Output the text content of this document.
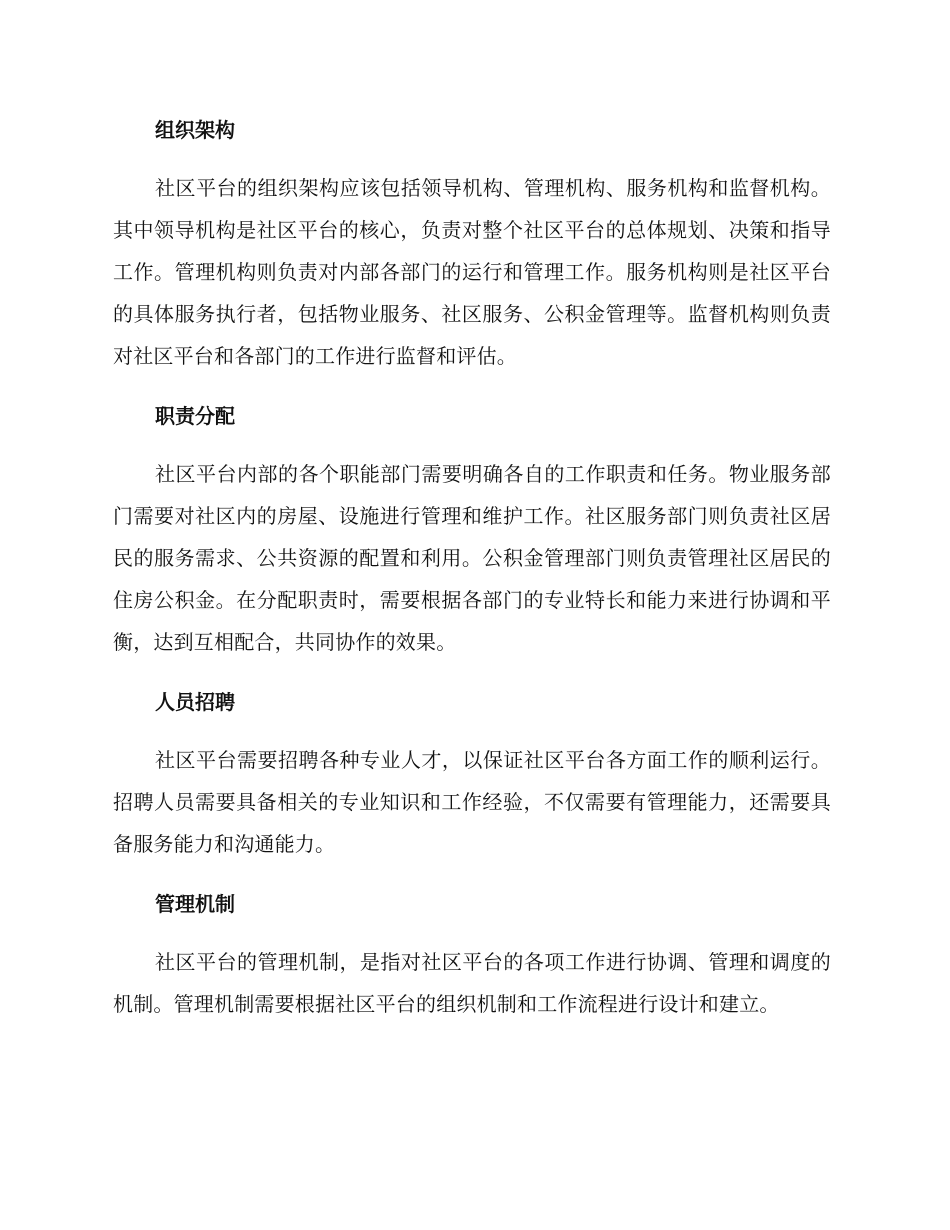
组织架构

社区平台的组织架构应该包括领导机构、管理机构、服务机构和监督机构。其中领导机构是社区平台的核心，负责对整个社区平台的总体规划、决策和指导工作。管理机构则负责对内部各部门的运行和管理工作。服务机构则是社区平台的具体服务执行者，包括物业服务、社区服务、公积金管理等。监督机构则负责对社区平台和各部门的工作进行监督和评估。

职责分配

社区平台内部的各个职能部门需要明确各自的工作职责和任务。物业服务部门需要对社区内的房屋、设施进行管理和维护工作。社区服务部门则负责社区居民的服务需求、公共资源的配置和利用。公积金管理部门则负责管理社区居民的住房公积金。在分配职责时，需要根据各部门的专业特长和能力来进行协调和平衡，达到互相配合，共同协作的效果。

人员招聘

社区平台需要招聘各种专业人才，以保证社区平台各方面工作的顺利运行。招聘人员需要具备相关的专业知识和工作经验，不仅需要有管理能力，还需要具备服务能力和沟通能力。

管理机制

社区平台的管理机制，是指对社区平台的各项工作进行协调、管理和调度的机制。管理机制需要根据社区平台的组织机制和工作流程进行设计和建立。
